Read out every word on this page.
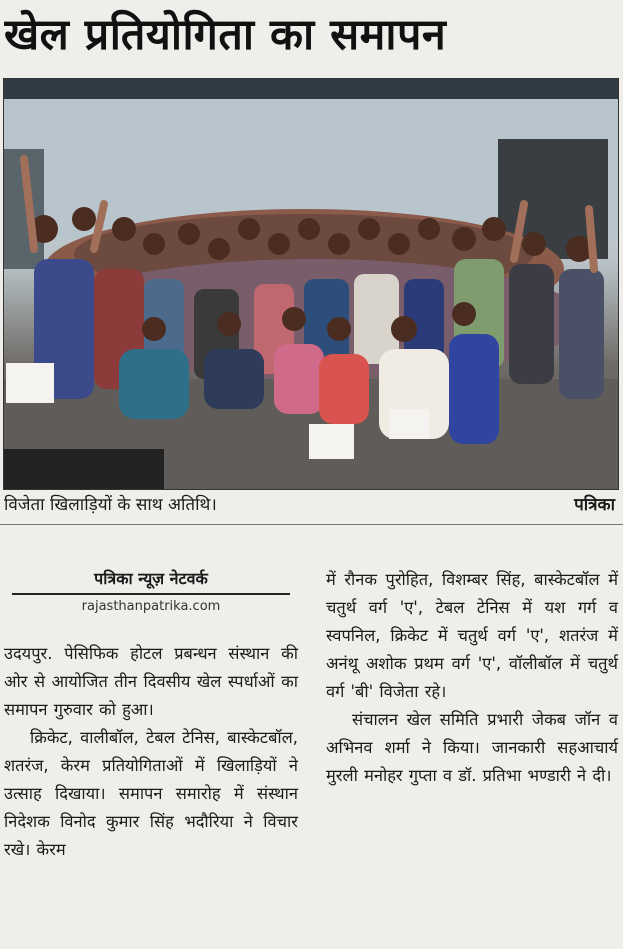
खेल प्रतियोगिता का समापन
विजेता खिलाड़ियों के साथ अतिथि।	पत्रिका
पत्रिका न्यूज़ नेटवर्क
rajasthanpatrika.com

उदयपुर. पेसिफिक होटल प्रबन्धन संस्थान की ओर से आयोजित तीन दिवसीय खेल स्पर्धाओं का समापन गुरुवार को हुआ।

क्रिकेट, वालीबॉल, टेबल टेनिस, बास्केटबॉल, शतरंज, केरम प्रतियोगिताओं में खिलाड़ियों ने उत्साह दिखाया। समापन समारोह में संस्थान निदेशक विनोद कुमार सिंह भदौरिया ने विचार रखे। केरम

में रौनक पुरोहित, विशम्बर सिंह, बास्केटबॉल में चतुर्थ वर्ग 'ए', टेबल टेनिस में यश गर्ग व स्वपनिल, क्रिकेट में चतुर्थ वर्ग 'ए', शतरंज में अनंथू अशोक प्रथम वर्ग 'ए', वॉलीबॉल में चतुर्थ वर्ग 'बी' विजेता रहे।

संचालन खेल समिति प्रभारी जेकब जॉन व अभिनव शर्मा ने किया। जानकारी सहआचार्य मुरली मनोहर गुप्ता व डॉ. प्रतिभा भण्डारी ने दी।
